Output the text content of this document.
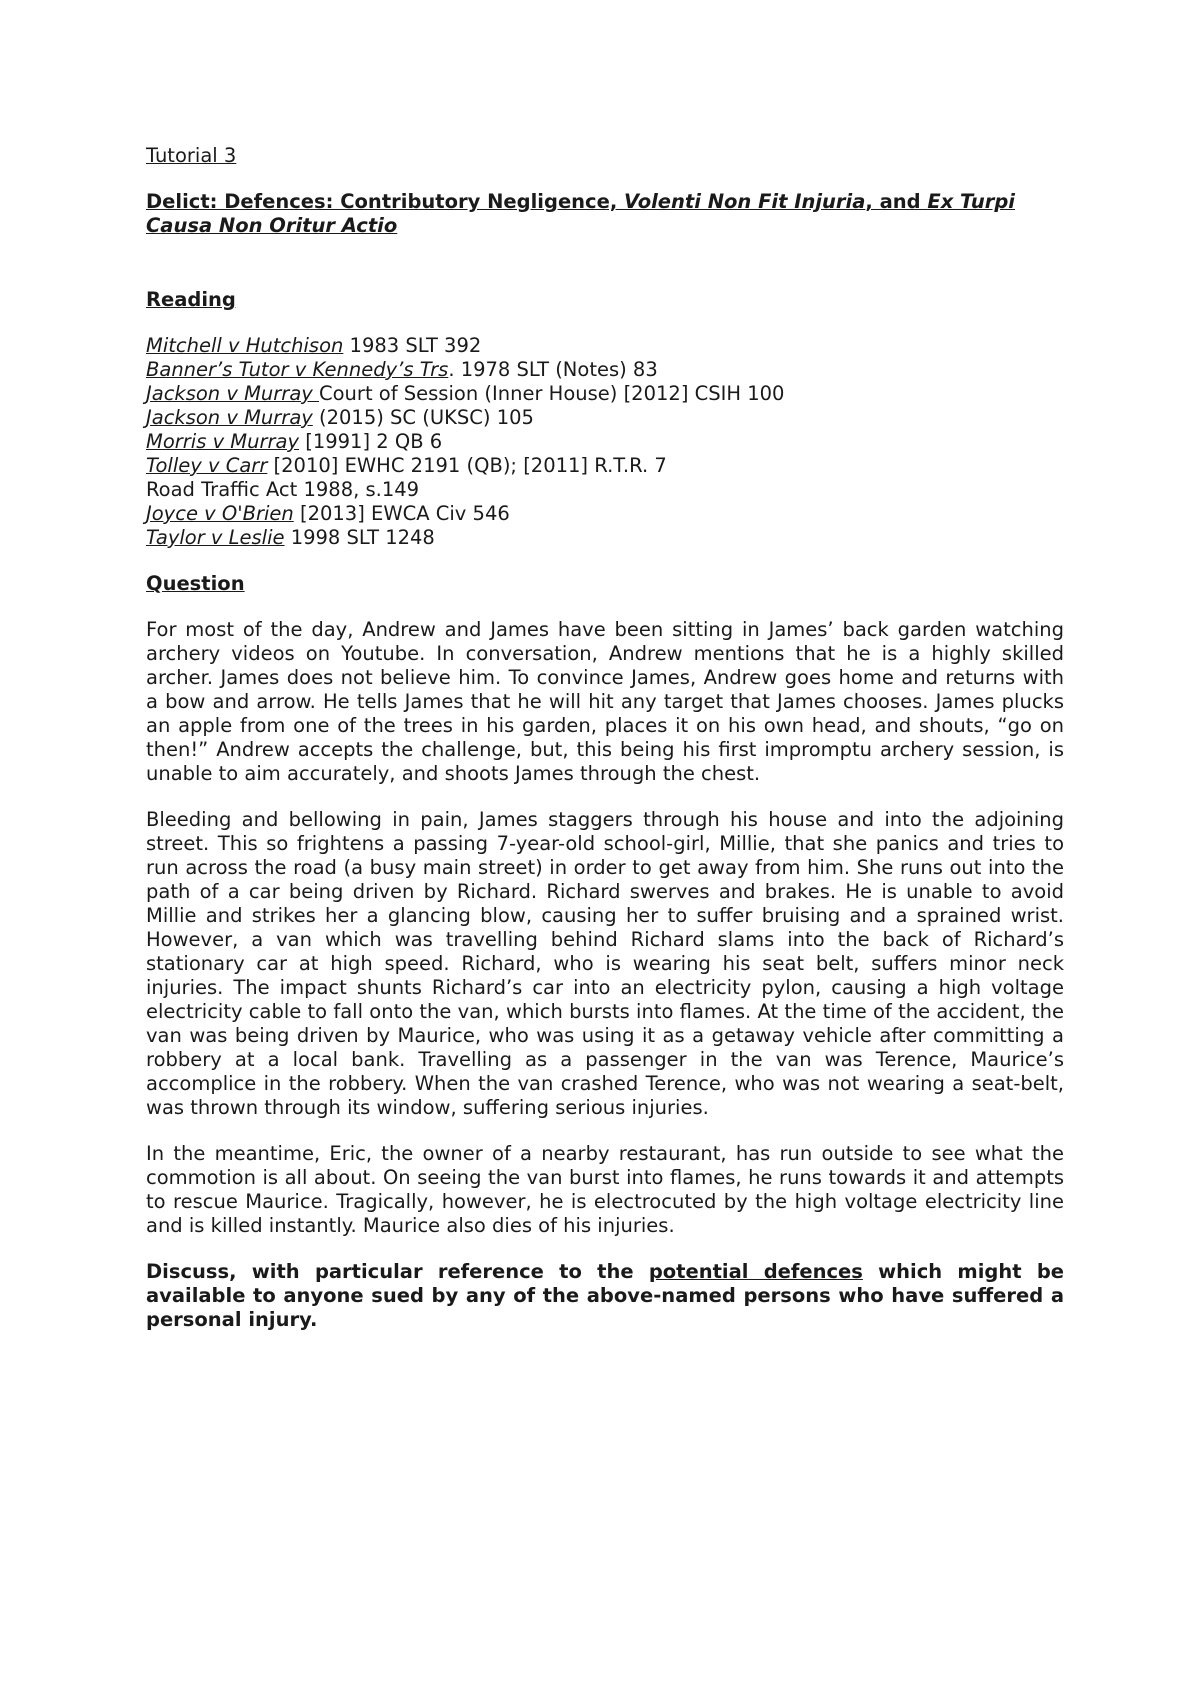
Tutorial 3
Delict: Defences: Contributory Negligence, Volenti Non Fit Injuria, and Ex Turpi Causa Non Oritur Actio
Reading
Mitchell v Hutchison 1983 SLT 392
Banner’s Tutor v Kennedy’s Trs. 1978 SLT (Notes) 83
Jackson v Murray Court of Session (Inner House) [2012] CSIH 100
Jackson v Murray (2015) SC (UKSC) 105
Morris v Murray [1991] 2 QB 6
Tolley v Carr [2010] EWHC 2191 (QB); [2011] R.T.R. 7
Road Traffic Act 1988, s.149
Joyce v O'Brien [2013] EWCA Civ 546
Taylor v Leslie 1998 SLT 1248
Question

For most of the day, Andrew and James have been sitting in James’ back garden watching archery videos on Youtube. In conversation, Andrew mentions that he is a highly skilled archer. James does not believe him. To convince James, Andrew goes home and returns with a bow and arrow. He tells James that he will hit any target that James chooses. James plucks an apple from one of the trees in his garden, places it on his own head, and shouts, “go on then!” Andrew accepts the challenge, but, this being his first impromptu archery session, is unable to aim accurately, and shoots James through the chest.

Bleeding and bellowing in pain, James staggers through his house and into the adjoining street. This so frightens a passing 7-year-old school-girl, Millie, that she panics and tries to run across the road (a busy main street) in order to get away from him. She runs out into the path of a car being driven by Richard. Richard swerves and brakes. He is unable to avoid Millie and strikes her a glancing blow, causing her to suffer bruising and a sprained wrist. However, a van which was travelling behind Richard slams into the back of Richard’s stationary car at high speed. Richard, who is wearing his seat belt, suffers minor neck injuries. The impact shunts Richard’s car into an electricity pylon, causing a high voltage electricity cable to fall onto the van, which bursts into flames. At the time of the accident, the van was being driven by Maurice, who was using it as a getaway vehicle after committing a robbery at a local bank. Travelling as a passenger in the van was Terence, Maurice’s accomplice in the robbery. When the van crashed Terence, who was not wearing a seat-belt, was thrown through its window, suffering serious injuries.

In the meantime, Eric, the owner of a nearby restaurant, has run outside to see what the commotion is all about. On seeing the van burst into flames, he runs towards it and attempts to rescue Maurice. Tragically, however, he is electrocuted by the high voltage electricity line and is killed instantly. Maurice also dies of his injuries.

Discuss, with particular reference to the potential defences which might be available to anyone sued by any of the above-named persons who have suffered a personal injury.
